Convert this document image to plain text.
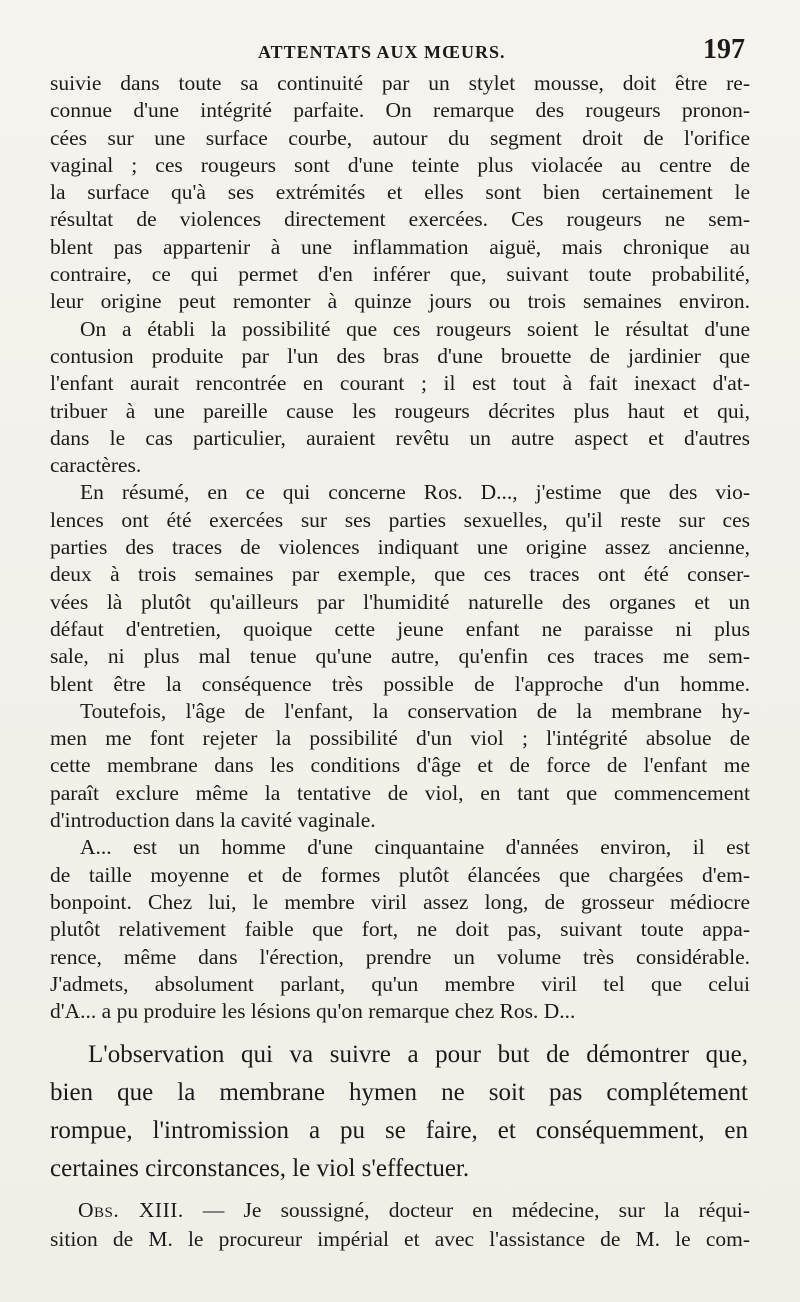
ATTENTATS AUX MŒURS.	197
suivie dans toute sa continuité par un stylet mousse, doit être re-
connue d'une intégrité parfaite. On remarque des rougeurs pronon-
cées sur une surface courbe, autour du segment droit de l'orifice
vaginal ; ces rougeurs sont d'une teinte plus violacée au centre de
la surface qu'à ses extrémités et elles sont bien certainement le
résultat de violences directement exercées. Ces rougeurs ne sem-
blent pas appartenir à une inflammation aiguë, mais chronique au
contraire, ce qui permet d'en inférer que, suivant toute probabilité,
leur origine peut remonter à quinze jours ou trois semaines environ.
On a établi la possibilité que ces rougeurs soient le résultat d'une
contusion produite par l'un des bras d'une brouette de jardinier que
l'enfant aurait rencontrée en courant ; il est tout à fait inexact d'at-
tribuer à une pareille cause les rougeurs décrites plus haut et qui,
dans le cas particulier, auraient revêtu un autre aspect et d'autres
caractères.
En résumé, en ce qui concerne Ros. D..., j'estime que des vio-
lences ont été exercées sur ses parties sexuelles, qu'il reste sur ces
parties des traces de violences indiquant une origine assez ancienne,
deux à trois semaines par exemple, que ces traces ont été conser-
vées là plutôt qu'ailleurs par l'humidité naturelle des organes et un
défaut d'entretien, quoique cette jeune enfant ne paraisse ni plus
sale, ni plus mal tenue qu'une autre, qu'enfin ces traces me sem-
blent être la conséquence très possible de l'approche d'un homme.
Toutefois, l'âge de l'enfant, la conservation de la membrane hy-
men me font rejeter la possibilité d'un viol ; l'intégrité absolue de
cette membrane dans les conditions d'âge et de force de l'enfant me
paraît exclure même la tentative de viol, en tant que commencement
d'introduction dans la cavité vaginale.
A... est un homme d'une cinquantaine d'années environ, il est
de taille moyenne et de formes plutôt élancées que chargées d'em-
bonpoint. Chez lui, le membre viril assez long, de grosseur médiocre
plutôt relativement faible que fort, ne doit pas, suivant toute appa-
rence, même dans l'érection, prendre un volume très considérable.
J'admets, absolument parlant, qu'un membre viril tel que celui
d'A... a pu produire les lésions qu'on remarque chez Ros. D...
L'observation qui va suivre a pour but de démontrer que,
bien que la membrane hymen ne soit pas complétement
rompue, l'intromission a pu se faire, et conséquemment, en
certaines circonstances, le viol s'effectuer.
Obs. XIII. — Je soussigné, docteur en médecine, sur la réqui-
sition de M. le procureur impérial et avec l'assistance de M. le com-
